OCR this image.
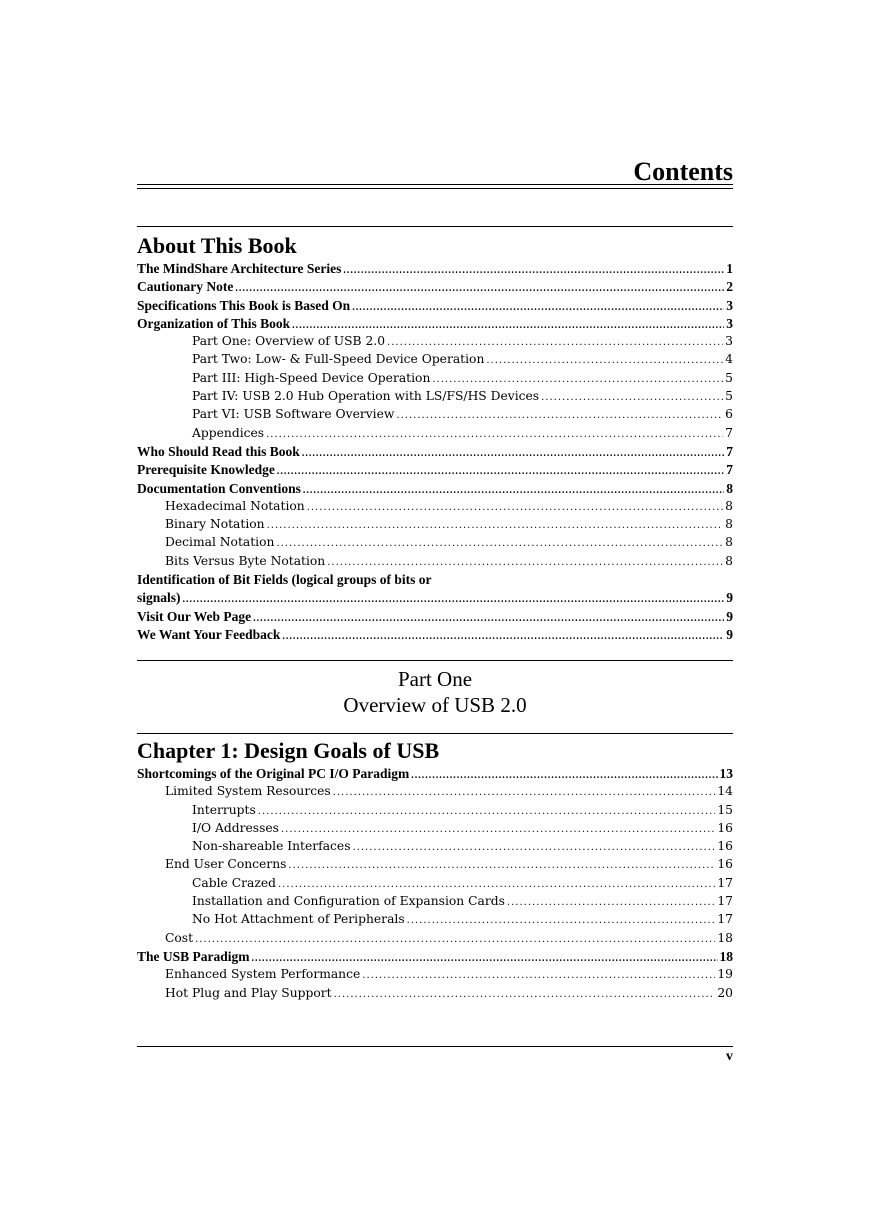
Contents
About This Book
The MindShare Architecture Series .....	1
Cautionary Note .....	2
Specifications This Book is Based On .....	3
Organization of This Book .....	3
Part One: Overview of USB 2.0 .....	3
Part Two: Low- & Full-Speed Device Operation .....	4
Part III: High-Speed Device Operation .....	5
Part IV: USB 2.0 Hub Operation with LS/FS/HS Devices .....	5
Part VI: USB Software Overview .....	6
Appendices .....	7
Who Should Read this Book .....	7
Prerequisite Knowledge .....	7
Documentation Conventions .....	8
Hexadecimal Notation .....	8
Binary Notation .....	8
Decimal Notation .....	8
Bits Versus Byte Notation .....	8
Identification of Bit Fields (logical groups of bits or
signals) .....	9
Visit Our Web Page .....	9
We Want Your Feedback .....	9
Part One
Overview of USB 2.0
Chapter 1: Design Goals of USB
Shortcomings of the Original PC I/O Paradigm .....	13
Limited System Resources .....	14
Interrupts .....	15
I/O Addresses .....	16
Non-shareable Interfaces .....	16
End User Concerns .....	16
Cable Crazed .....	17
Installation and Configuration of Expansion Cards .....	17
No Hot Attachment of Peripherals .....	17
Cost .....	18
The USB Paradigm .....	18
Enhanced System Performance .....	19
Hot Plug and Play Support .....	20
v
